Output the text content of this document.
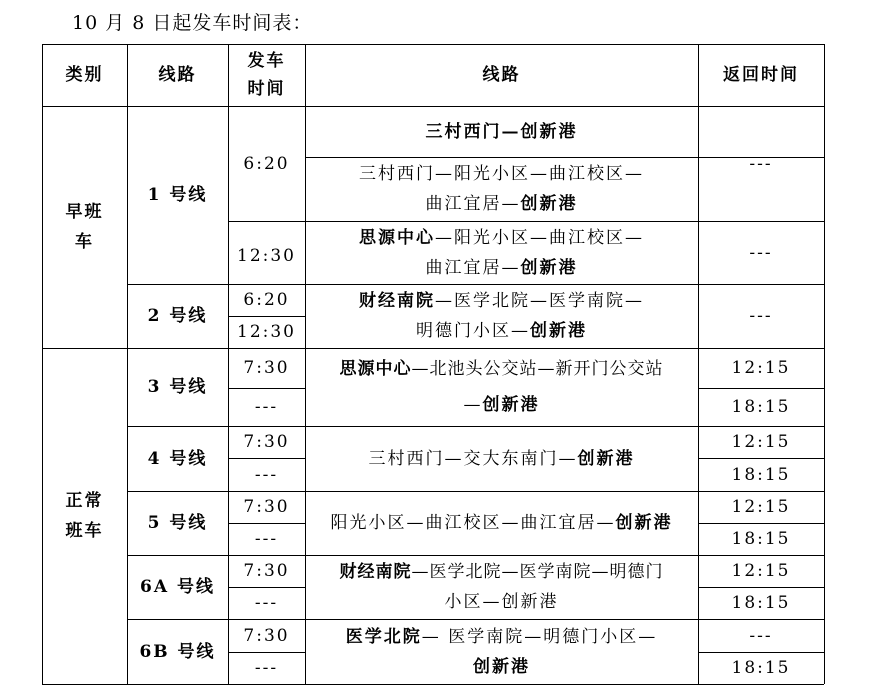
10 月 8 日起发车时间表：
类别	线路
发车
时间
线路	返回时间
早班
车
正常
班车
1 号线
2 号线
3 号线
4 号线
5 号线
6A 号线
6B 号线
6:20
12:30
6:20
12:30
7:30
---
7:30
---
7:30
---
7:30
---
7:30
---
三村西门—创新港
三村西门—阳光小区—曲江校区—
曲江宜居—创新港
思源中心—阳光小区—曲江校区—
曲江宜居—创新港
财经南院—医学北院—医学南院—
明德门小区—创新港
思源中心—北池头公交站—新开门公交站
—创新港
三村西门—交大东南门— 创新港
阳光小区—曲江校区—曲江宜居— 创新港
财经南院—医学北院—医学南院—明德门
小区—创新港
医学北院— 医学南院—明德门小区—
创新港
---
---
---
12:15
18:15
12:15
18:15
12:15
18:15
12:15
18:15
---
18:15
